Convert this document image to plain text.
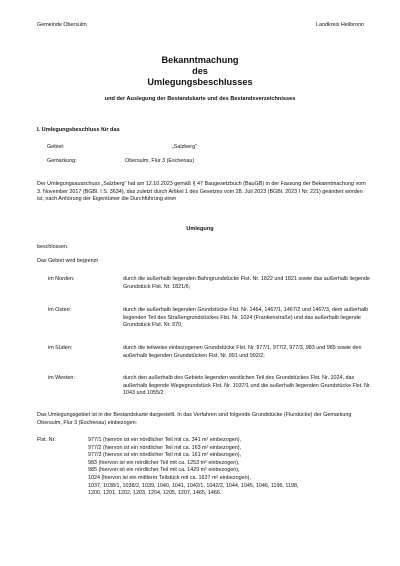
Gemeinde Obersulm	Landkreis Heilbronn
Bekanntmachung
des
Umlegungsbeschlusses
und der Auslegung der Bestandskarte und des Bestandsverzeichnisses
I. Umlegungsbeschluss für das
Gebiet:	„Salzberg“
Gemarkung:	Obersulm, Flur 3 (Eschenau)
Der Umlegungsausschuss „Salzberg“ hat am 12.10.2023 gemäß § 47 Baugesetzbuch (BauGB) in der Fassung der Bekanntmachung vom 3. November 2017 (BGBl. I S. 3634), das zuletzt durch Artikel 1 des Gesetzes vom 28. Juli 2023 (BGBl. 2023 I Nr. 221) geändert worden ist, nach Anhörung der Eigentümer die Durchführung einer
Umlegung
beschlossen.
Das Gebiet wird begrenzt
im Norden:	durch die außerhalb liegenden Bahngrundstücke Flst. Nr. 1822 und 1821 sowie das außerhalb liegende Grundstück Flst. Nr. 1821/6;
im Osten:	durch die außerhalb liegenden Grundstücke Flst. Nr. 1464, 1467/1, 1467/2 und 1467/3, dem außerhalb liegenden Teil des Straßengrundstückes Flst. Nr. 1024 (Frankenstraße) und das außerhalb liegende Grundstück Flst. Nr. 970;
im Süden:	durch die teilweise einbezogenen Grundstücke Flst. Nr. 977/1, 977/2, 977/3, 983 und 985 sowie den außerhalb liegenden Grundstücken Flst. Nr. 991 und 992/2;
im Westen:	durch den außerhalb des Gebiets liegenden westlichen Teil des Grundstückes Flst. Nr. 1024, das außerhalb liegende Wegegrundstück Flst. Nr. 1037/1 und die außerhalb liegenden Grundstücke Flst. Nr. 1043 und 1055/2.
Das Umlegungsgebiet ist in der Bestandskarte dargestellt. In das Verfahren sind folgende Grundstücke (Flurstücke) der Gemarkung Obersulm, Flur 3 (Eschenau) einbezogen:
Flst. Nr.	977/1 (hiervon ist ein nördlicher Teil mit ca. 341 m² einbezogen),
977/2 (hiervon ist ein nördlicher Teil mit ca. 163 m² einbezogen),
977/3 (hiervon ist ein nördlicher Teil mit ca. 161 m² einbezogen),
983 (hiervon ist ein nördlicher Teil mit ca. 1253 m² einbezogen),
985 (hiervon ist ein nördlicher Teil mit ca. 1429 m² einbezogen),
1024 (hiervon ist ein mittlerer Teilstück mit ca. 1637 m² einbezogen),
1037, 1038/1, 1038/2, 1039, 1040, 1041, 1042/1, 1042/2, 1044, 1045, 1046, 1196, 1198,
1200, 1201, 1202, 1203, 1204, 1205, 1207, 1465, 1466.
